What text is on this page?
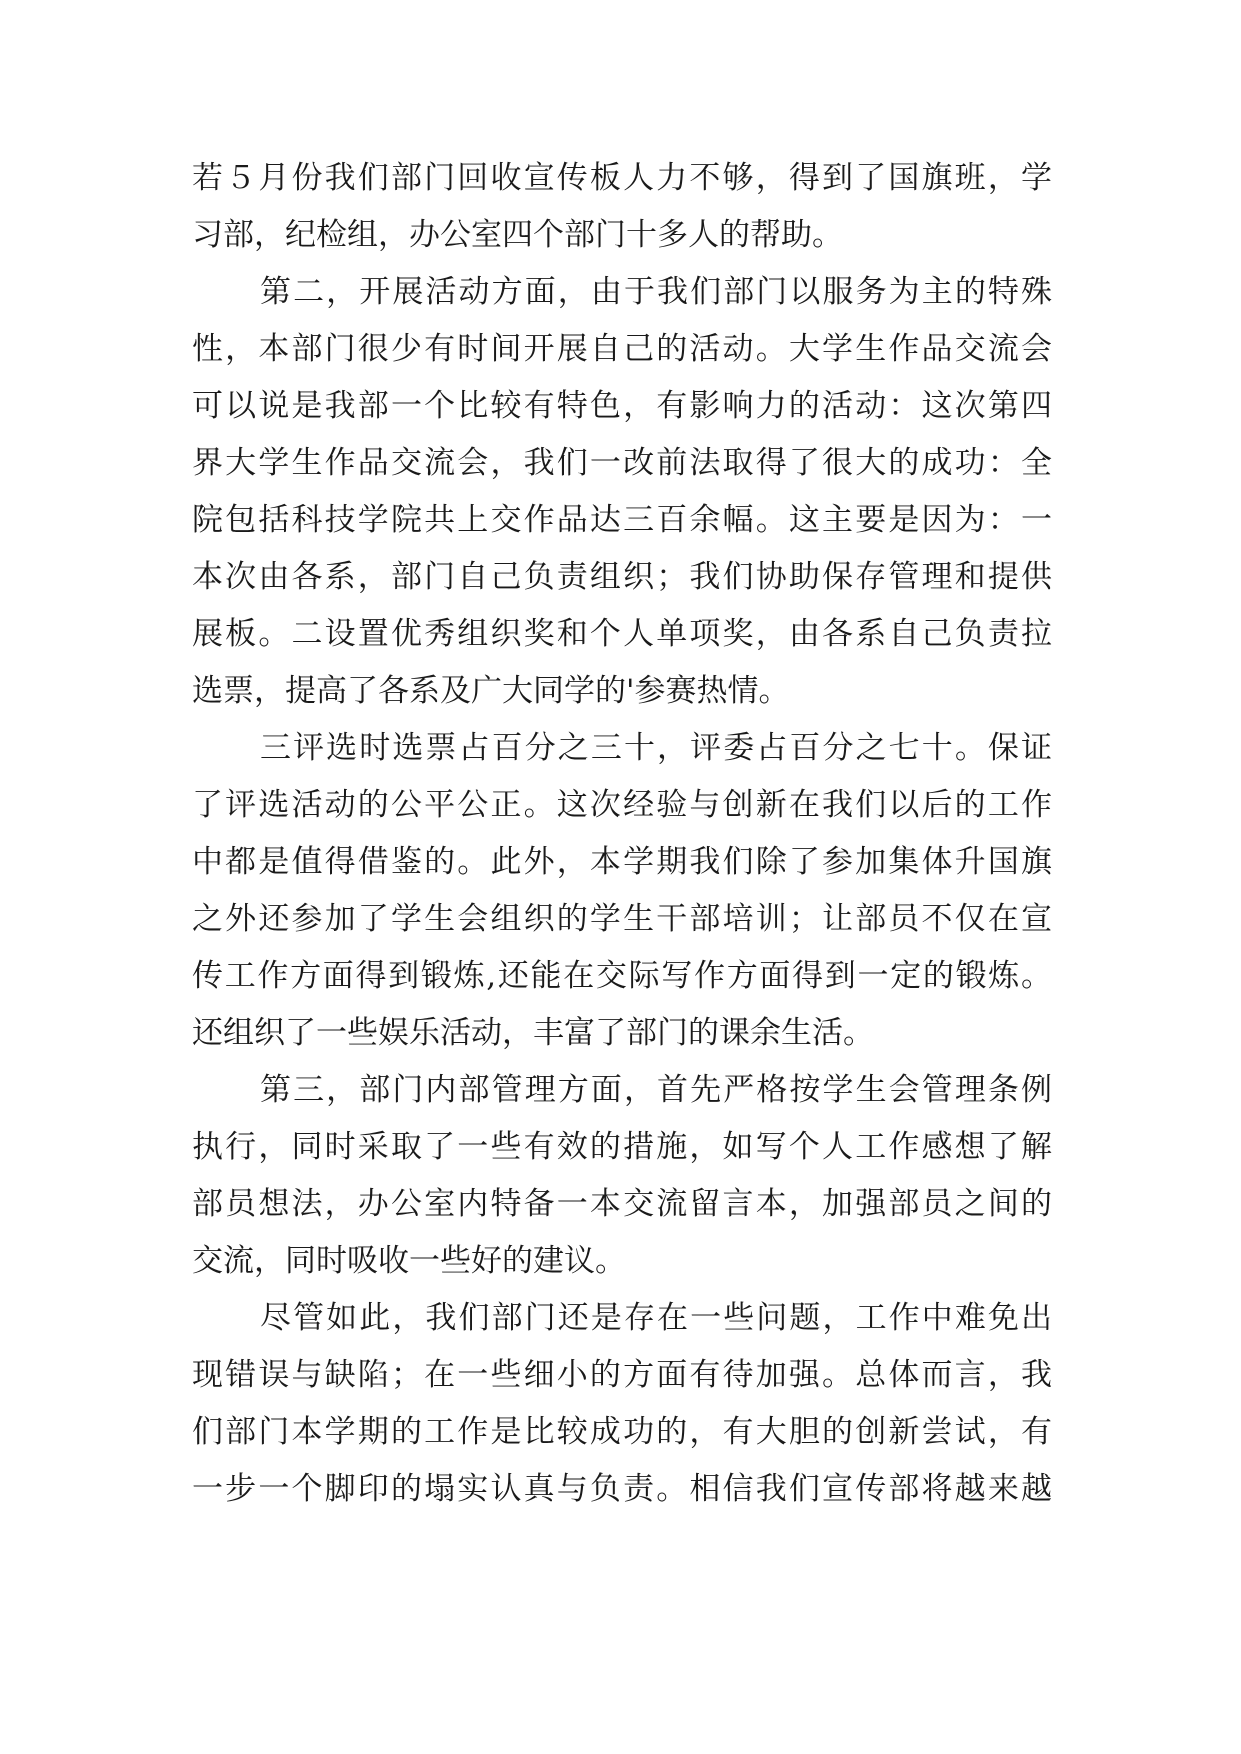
若５月份我们部门回收宣传板人力不够，得到了国旗班，学
习部，纪检组，办公室四个部门十多人的帮助。
第二，开展活动方面，由于我们部门以服务为主的特殊
性，本部门很少有时间开展自己的活动。大学生作品交流会
可以说是我部一个比较有特色，有影响力的活动：这次第四
界大学生作品交流会，我们一改前法取得了很大的成功：全
院包括科技学院共上交作品达三百余幅。这主要是因为：一
本次由各系，部门自己负责组织；我们协助保存管理和提供
展板。二设置优秀组织奖和个人单项奖，由各系自己负责拉
选票，提高了各系及广大同学的'参赛热情。
三评选时选票占百分之三十，评委占百分之七十。保证
了评选活动的公平公正。这次经验与创新在我们以后的工作
中都是值得借鉴的。此外，本学期我们除了参加集体升国旗
之外还参加了学生会组织的学生干部培训；让部员不仅在宣
传工作方面得到锻炼,还能在交际写作方面得到一定的锻炼。
还组织了一些娱乐活动，丰富了部门的课余生活。
第三，部门内部管理方面，首先严格按学生会管理条例
执行，同时采取了一些有效的措施，如写个人工作感想了解
部员想法，办公室内特备一本交流留言本，加强部员之间的
交流，同时吸收一些好的建议。
尽管如此，我们部门还是存在一些问题，工作中难免出
现错误与缺陷；在一些细小的方面有待加强。总体而言，我
们部门本学期的工作是比较成功的，有大胆的创新尝试，有
一步一个脚印的塌实认真与负责。相信我们宣传部将越来越
